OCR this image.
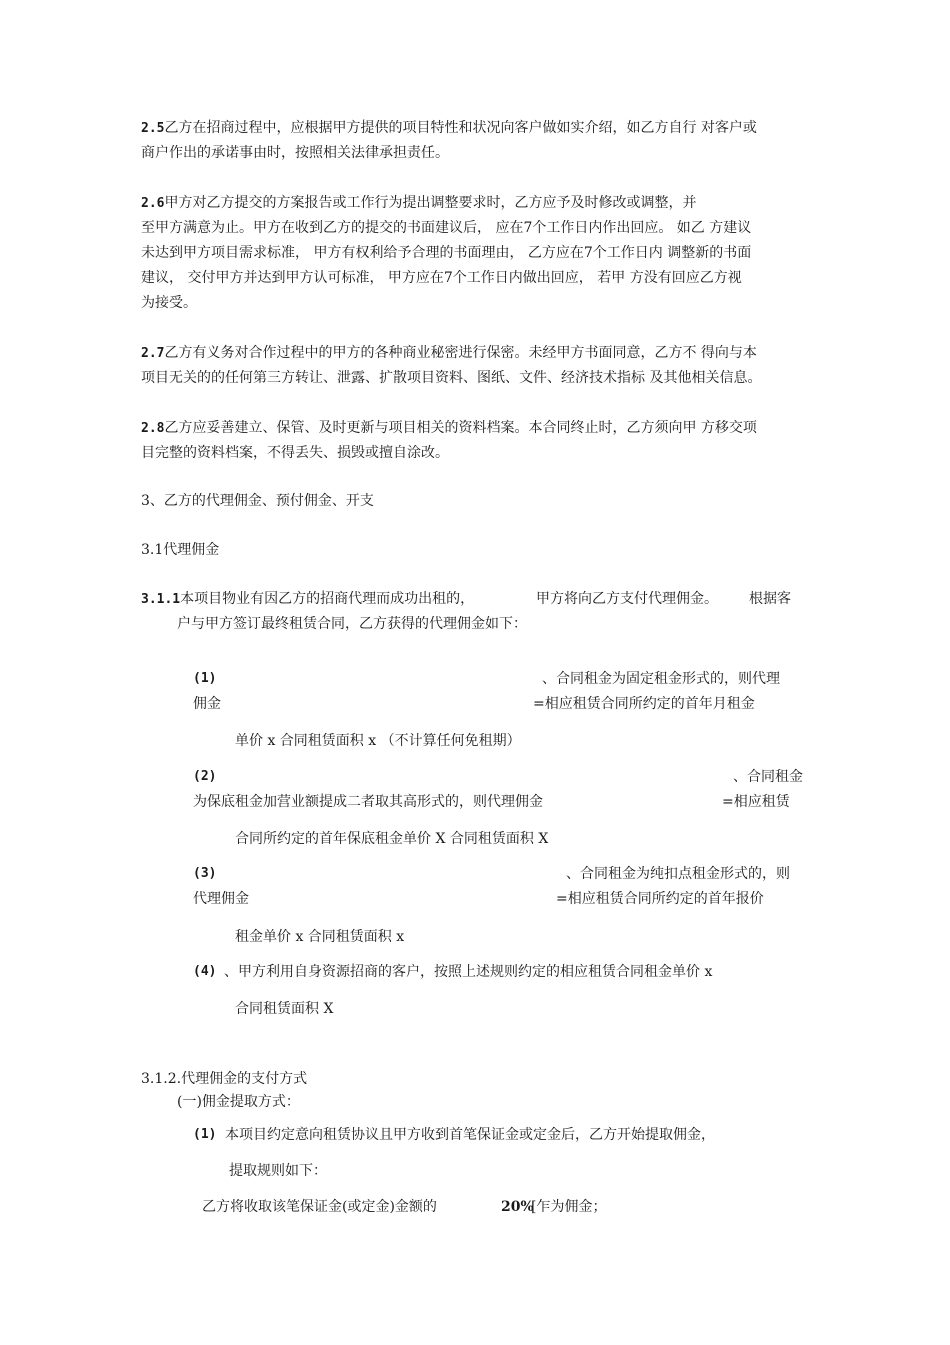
2.5乙方在招商过程中，应根据甲方提供的项目特性和状况向客户做如实介绍，如乙方自行 对客户或
商户作出的承诺事由时，按照相关法律承担责任。
2.6甲方对乙方提交的方案报告或工作行为提出调整要求时，乙方应予及时修改或调整，并
至甲方满意为止。甲方在收到乙方的提交的书面建议后， 应在7个工作日内作出回应。 如乙 方建议
未达到甲方项目需求标准， 甲方有权利给予合理的书面理由， 乙方应在7个工作日内 调整新的书面
建议， 交付甲方并达到甲方认可标准， 甲方应在7个工作日内做出回应， 若甲 方没有回应乙方视
为接受。
2.7乙方有义务对合作过程中的甲方的各种商业秘密进行保密。未经甲方书面同意，乙方不 得向与本
项目无关的的任何第三方转让、泄露、扩散项目资料、图纸、文件、经济技术指标 及其他相关信息。
2.8乙方应妥善建立、保管、及时更新与项目相关的资料档案。本合同终止时，乙方须向甲 方移交项
目完整的资料档案，不得丢失、损毁或擅自涂改。
3、乙方的代理佣金、预付佣金、开支
3.1代理佣金
3.1.1本项目物业有因乙方的招商代理而成功出租的，	甲方将向乙方支付代理佣金。 根据客
户与甲方签订最终租赁合同，乙方获得的代理佣金如下：
(1)	、合同租金为固定租金形式的，则代理
佣金	=相应租赁合同所约定的首年月租金
单价 x 合同租赁面积 x （不计算任何免租期）
(2)	、合同租金
为保底租金加营业额提成二者取其高形式的，则代理佣金	=相应租赁
合同所约定的首年保底租金单价 X 合同租赁面积 X
(3)	、合同租金为纯扣点租金形式的，则
代理佣金	=相应租赁合同所约定的首年报价
租金单价 x 合同租赁面积 x
(4) 、甲方利用自身资源招商的客户，按照上述规则约定的相应租赁合同租金单价 x
合同租赁面积 X
3.1.2.代理佣金的支付方式
(一)佣金提取方式：
(1) 本项目约定意向租赁协议且甲方收到首笔保证金或定金后，乙方开始提取佣金，
提取规则如下：
乙方将收取该笔保证金(或定金)金额的	20%
[乍为佣金；
